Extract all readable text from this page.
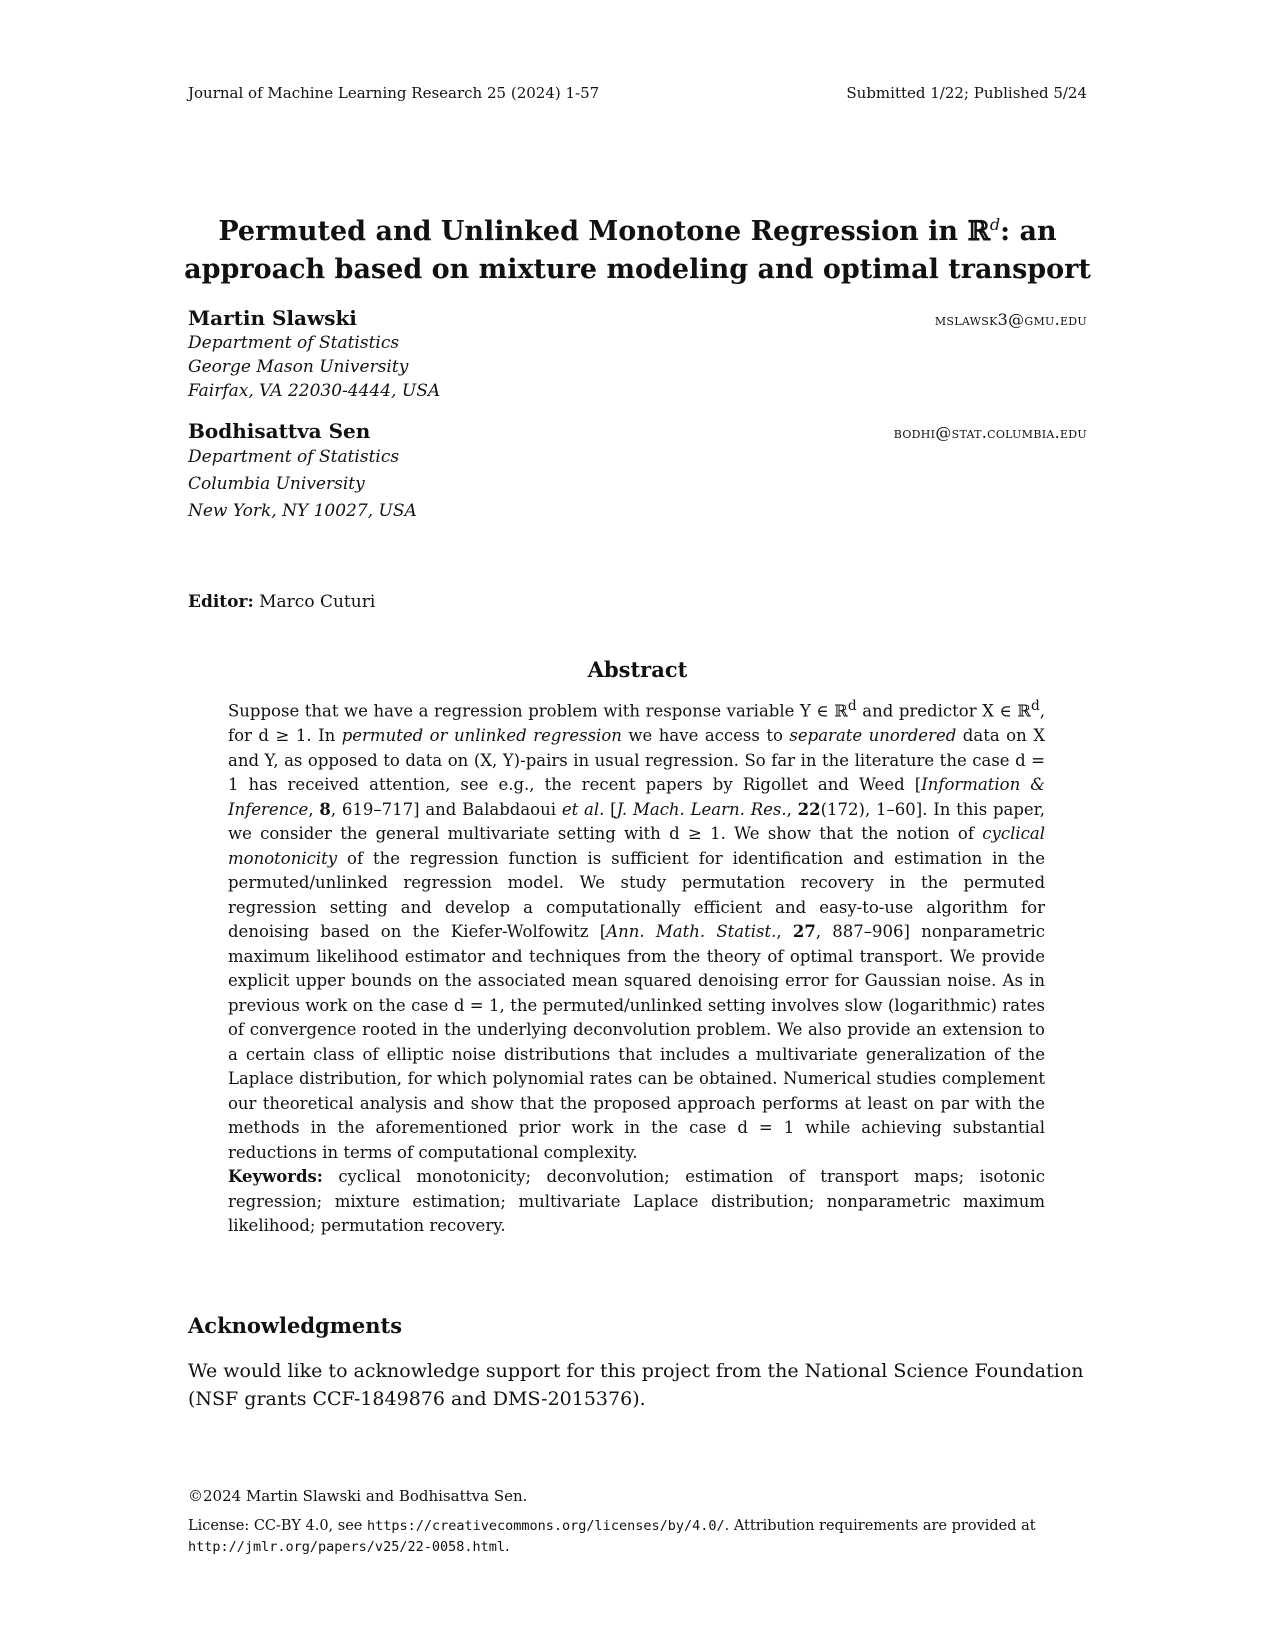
Journal of Machine Learning Research 25 (2024) 1-57	Submitted 1/22; Published 5/24
Permuted and Unlinked Monotone Regression in ℝ$^d$: an
approach based on mixture modeling and optimal transport
Martin Slawski	mslawsk3@gmu.edu
Department of Statistics
George Mason University
Fairfax, VA 22030-4444, USA
Bodhisattva Sen	bodhi@stat.columbia.edu
Department of Statistics
Columbia University
New York, NY 10027, USA
Editor: Marco Cuturi
Abstract
Suppose that we have a regression problem with response variable Y ∈ ℝ$^d$ and predictor X ∈ ℝ$^d$, for d ≥ 1. In permuted or unlinked regression we have access to separate unordered data on X and Y, as opposed to data on (X, Y)-pairs in usual regression. So far in the literature the case d = 1 has received attention, see e.g., the recent papers by Rigollet and Weed [Information & Inference, 8, 619–717] and Balabdaoui et al. [J. Mach. Learn. Res., 22(172), 1–60]. In this paper, we consider the general multivariate setting with d ≥ 1. We show that the notion of cyclical monotonicity of the regression function is sufficient for identification and estimation in the permuted/unlinked regression model. We study permutation recovery in the permuted regression setting and develop a computationally efficient and easy-to-use algorithm for denoising based on the Kiefer-Wolfowitz [Ann. Math. Statist., 27, 887–906] nonparametric maximum likelihood estimator and techniques from the theory of optimal transport. We provide explicit upper bounds on the associated mean squared denoising error for Gaussian noise. As in previous work on the case d = 1, the permuted/unlinked setting involves slow (logarithmic) rates of convergence rooted in the underlying deconvolution problem. We also provide an extension to a certain class of elliptic noise distributions that includes a multivariate generalization of the Laplace distribution, for which polynomial rates can be obtained. Numerical studies complement our theoretical analysis and show that the proposed approach performs at least on par with the methods in the aforementioned prior work in the case d = 1 while achieving substantial reductions in terms of computational complexity.
Keywords: cyclical monotonicity; deconvolution; estimation of transport maps; isotonic regression; mixture estimation; multivariate Laplace distribution; nonparametric maximum likelihood; permutation recovery.
Acknowledgments
We would like to acknowledge support for this project from the National Science Foundation (NSF grants CCF-1849876 and DMS-2015376).
©2024 Martin Slawski and Bodhisattva Sen.
License: CC-BY 4.0, see https://creativecommons.org/licenses/by/4.0/. Attribution requirements are provided at http://jmlr.org/papers/v25/22-0058.html.
